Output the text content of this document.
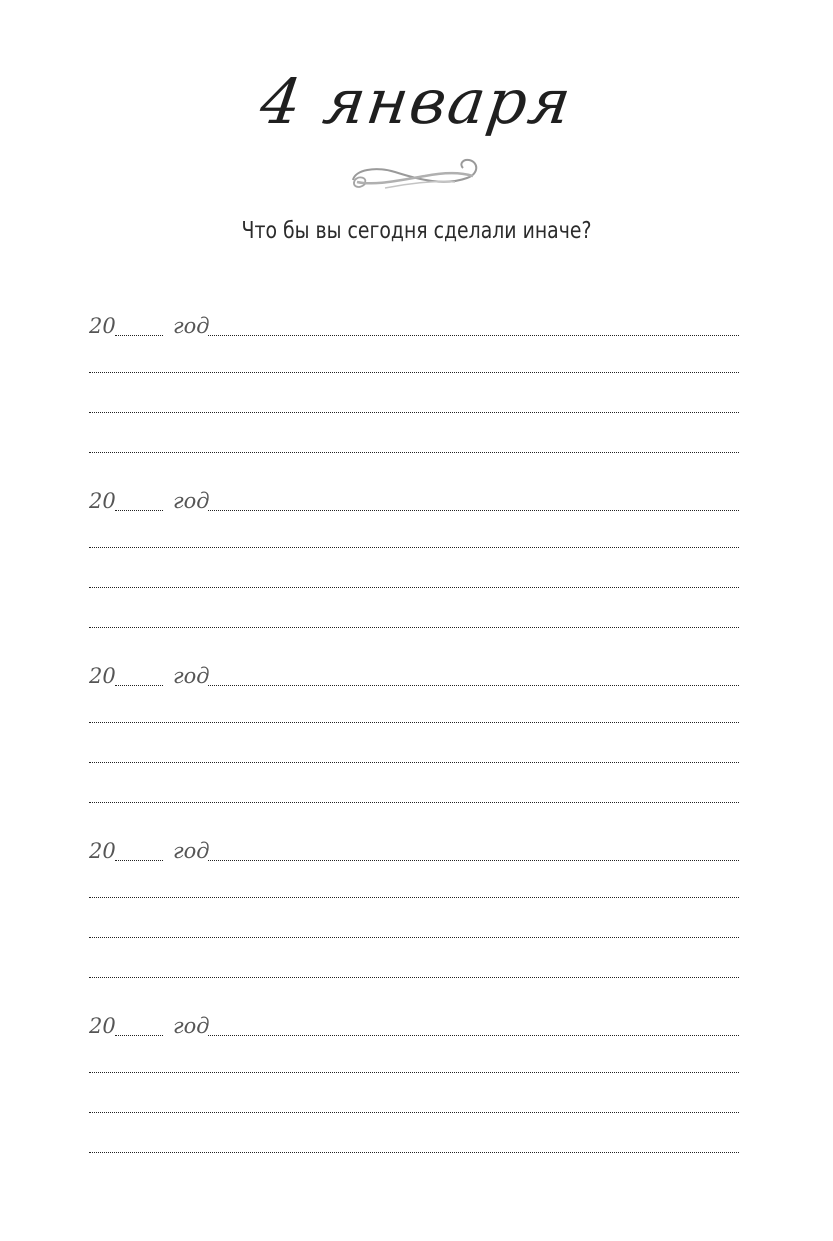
4 января
Что бы вы сегодня сделали иначе?
20	год
20	год
20	год
20	год
20	год
